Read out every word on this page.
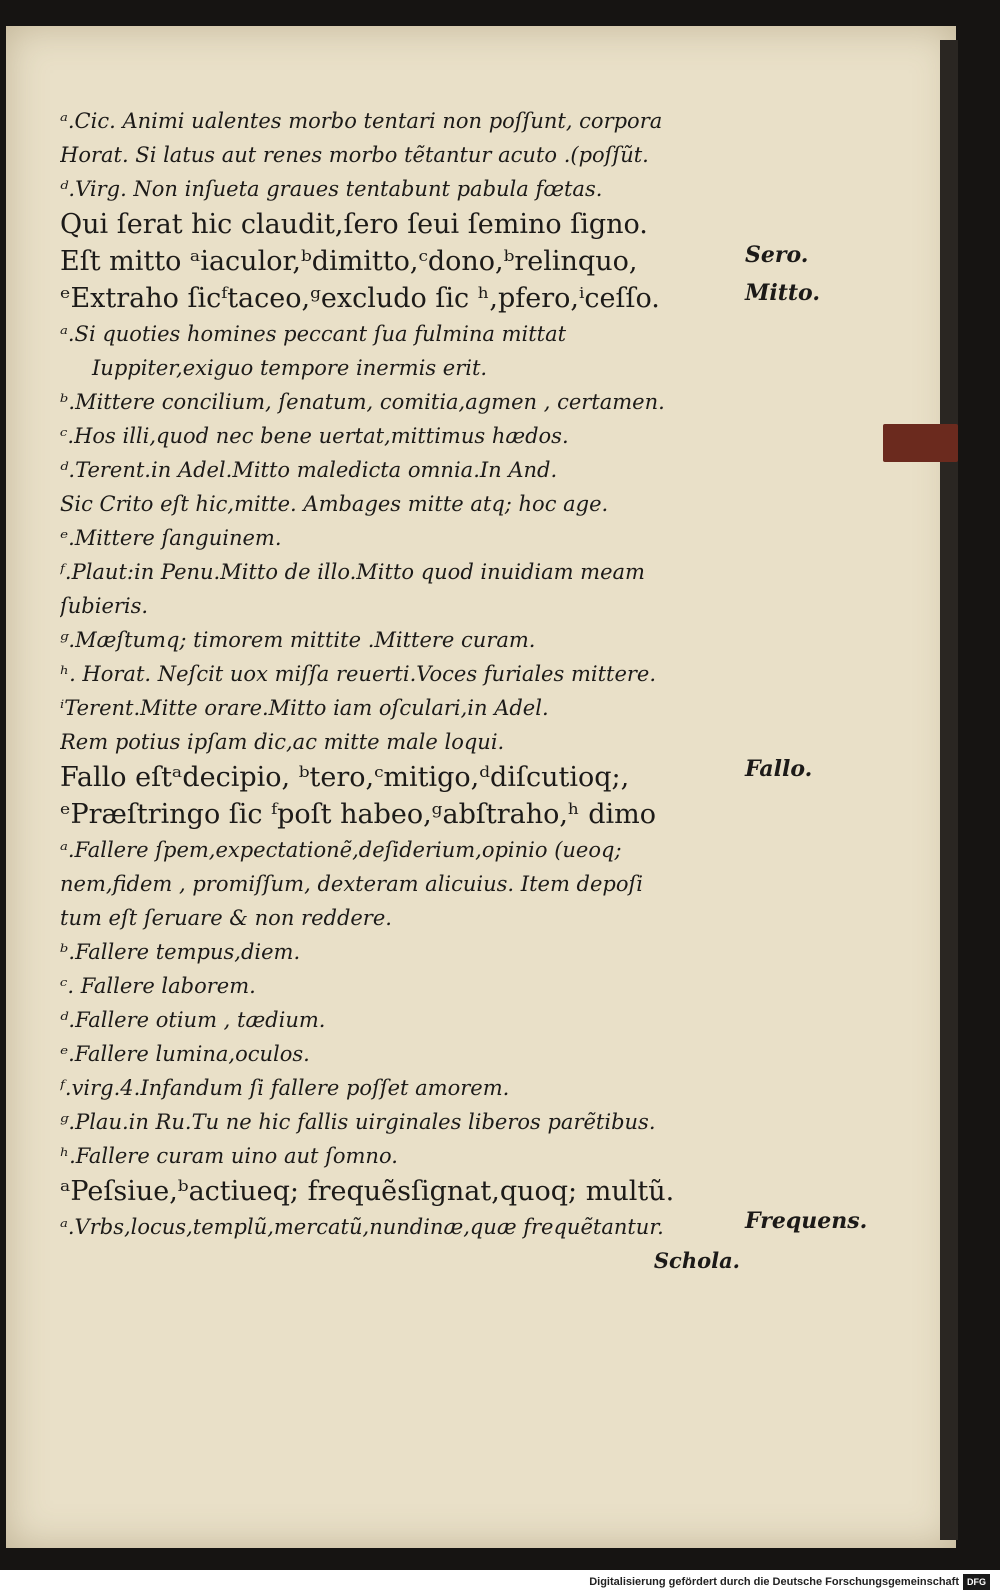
ᵃ.Cic. Animi ualentes morbo tentari non poſſunt, corpora
Horat. Si latus aut renes morbo tẽtantur acuto .(poſſũt.
ᵈ.Virg. Non inſueta graues tentabunt pabula fœtas.
Qui ſerat hic claudit,ſero ſeui ſemino ſigno.
Eſt mitto ᵃiaculor,ᵇdimitto,ᶜdono,ᵇrelinquo,
ᵉExtraho ſicᶠtaceo,ᵍexcludo ſic ʰ,pfero,ⁱceſſo.
ᵃ.Si quoties homines peccant ſua fulmina mittat
Iuppiter,exiguo tempore inermis erit.
ᵇ.Mittere concilium, ſenatum, comitia,agmen , certamen.
ᶜ.Hos illi,quod nec bene uertat,mittimus hædos.
ᵈ.Terent.in Adel.Mitto maledicta omnia.In And.
Sic Crito eſt hic,mitte. Ambages mitte atq; hoc age.
ᵉ.Mittere ſanguinem.
ᶠ.Plaut:in Penu.Mitto de illo.Mitto quod inuidiam meam
ſubieris.
ᵍ.Mæſtumq; timorem mittite .Mittere curam.
ʰ. Horat. Neſcit uox miſſa reuerti.Voces furiales mittere.
ⁱTerent.Mitte orare.Mitto iam oſculari,in Adel.
Rem potius ipſam dic,ac mitte male loqui.
Fallo eſtᵃdecipio, ᵇtero,ᶜmitigo,ᵈdiſcutioq;,
ᵉPræſtringo ſic ᶠpoſt habeo,ᵍabſtraho,ʰ dimo
ᵃ.Fallere ſpem,expectationẽ,deſiderium,opinio (ueoq;
nem,fidem , promiſſum, dexteram alicuius. Item depoſi
tum eſt ſeruare & non reddere.
ᵇ.Fallere tempus,diem.
ᶜ. Fallere laborem.
ᵈ.Fallere otium , tædium.
ᵉ.Fallere lumina,oculos.
ᶠ.virg.4.Infandum ſi fallere poſſet amorem.
ᵍ.Plau.in Ru.Tu ne hic fallis uirginales liberos parẽtibus.
ʰ.Fallere curam uino aut ſomno.
ᵃPeſsiue,ᵇactiueq; frequẽsſignat,quoq; multũ.
ᵃ.Vrbs,locus,templũ,mercatũ,nundinæ,quæ frequẽtantur.
Schola.
Sero.
Mitto.
Fallo.
Frequens.
Digitalisierung gefördert durch die Deutsche Forschungsgemeinschaft DFG
